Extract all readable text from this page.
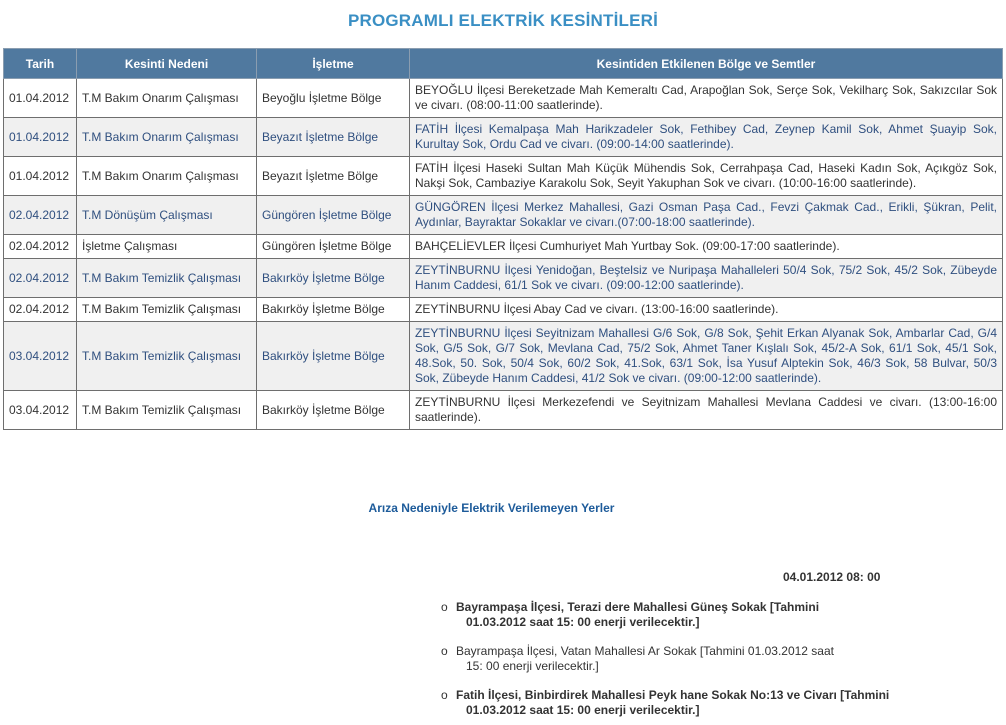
PROGRAMLI ELEKTRİK KESİNTİLERİ
Tarih	Kesinti Nedeni	İşletme	Kesintiden Etkilenen Bölge ve Semtler
01.04.2012	T.M Bakım Onarım Çalışması	Beyoğlu İşletme Bölge	BEYOĞLU İlçesi Bereketzade Mah Kemeraltı Cad, Arapoğlan Sok, Serçe Sok, Vekilharç Sok, Sakızcılar Sok ve civarı. (08:00-11:00 saatlerinde).
01.04.2012	T.M Bakım Onarım Çalışması	Beyazıt İşletme Bölge	FATİH İlçesi Kemalpaşa Mah Harikzadeler Sok, Fethibey Cad, Zeynep Kamil Sok, Ahmet Şuayip Sok, Kurultay Sok, Ordu Cad ve civarı. (09:00-14:00 saatlerinde).
01.04.2012	T.M Bakım Onarım Çalışması	Beyazıt İşletme Bölge	FATİH İlçesi Haseki Sultan Mah Küçük Mühendis Sok, Cerrahpaşa Cad, Haseki Kadın Sok, Açıkgöz Sok, Nakşi Sok, Cambaziye Karakolu Sok, Seyit Yakuphan Sok ve civarı. (10:00-16:00 saatlerinde).
02.04.2012	T.M Dönüşüm Çalışması	Güngören İşletme Bölge	GÜNGÖREN İlçesi Merkez Mahallesi, Gazi Osman Paşa Cad., Fevzi Çakmak Cad., Erikli, Şükran, Pelit, Aydınlar, Bayraktar Sokaklar ve civarı.(07:00-18:00 saatlerinde).
02.04.2012	İşletme Çalışması	Güngören İşletme Bölge	BAHÇELİEVLER İlçesi Cumhuriyet Mah Yurtbay Sok. (09:00-17:00 saatlerinde).
02.04.2012	T.M Bakım Temizlik Çalışması	Bakırköy İşletme Bölge	ZEYTİNBURNU İlçesi Yenidoğan, Beştelsiz ve Nuripaşa Mahalleleri 50/4 Sok, 75/2 Sok, 45/2 Sok, Zübeyde Hanım Caddesi, 61/1 Sok ve civarı. (09:00-12:00 saatlerinde).
02.04.2012	T.M Bakım Temizlik Çalışması	Bakırköy İşletme Bölge	ZEYTİNBURNU İlçesi Abay Cad ve civarı. (13:00-16:00 saatlerinde).
03.04.2012	T.M Bakım Temizlik Çalışması	Bakırköy İşletme Bölge	ZEYTİNBURNU İlçesi Seyitnizam Mahallesi G/6 Sok, G/8 Sok, Şehit Erkan Alyanak Sok, Ambarlar Cad, G/4 Sok, G/5 Sok, G/7 Sok, Mevlana Cad, 75/2 Sok, Ahmet Taner Kışlalı Sok, 45/2-A Sok, 61/1 Sok, 45/1 Sok, 48.Sok, 50. Sok, 50/4 Sok, 60/2 Sok, 41.Sok, 63/1 Sok, İsa Yusuf Alptekin Sok, 46/3 Sok, 58 Bulvar, 50/3 Sok, Zübeyde Hanım Caddesi, 41/2 Sok ve civarı. (09:00-12:00 saatlerinde).
03.04.2012	T.M Bakım Temizlik Çalışması	Bakırköy İşletme Bölge	ZEYTİNBURNU İlçesi Merkezefendi ve Seyitnizam Mahallesi Mevlana Caddesi ve civarı. (13:00-16:00 saatlerinde).
Arıza Nedeniyle Elektrik Verilemeyen Yerler
04.01.2012 08: 00
o Bayrampaşa İlçesi, Terazi dere Mahallesi Güneş Sokak [Tahmini
01.03.2012 saat 15: 00 enerji verilecektir.]
o Bayrampaşa İlçesi, Vatan Mahallesi Ar Sokak [Tahmini 01.03.2012 saat
15: 00 enerji verilecektir.]
o Fatih İlçesi, Binbirdirek Mahallesi Peyk hane Sokak No:13 ve Civarı [Tahmini
01.03.2012 saat 15: 00 enerji verilecektir.]
